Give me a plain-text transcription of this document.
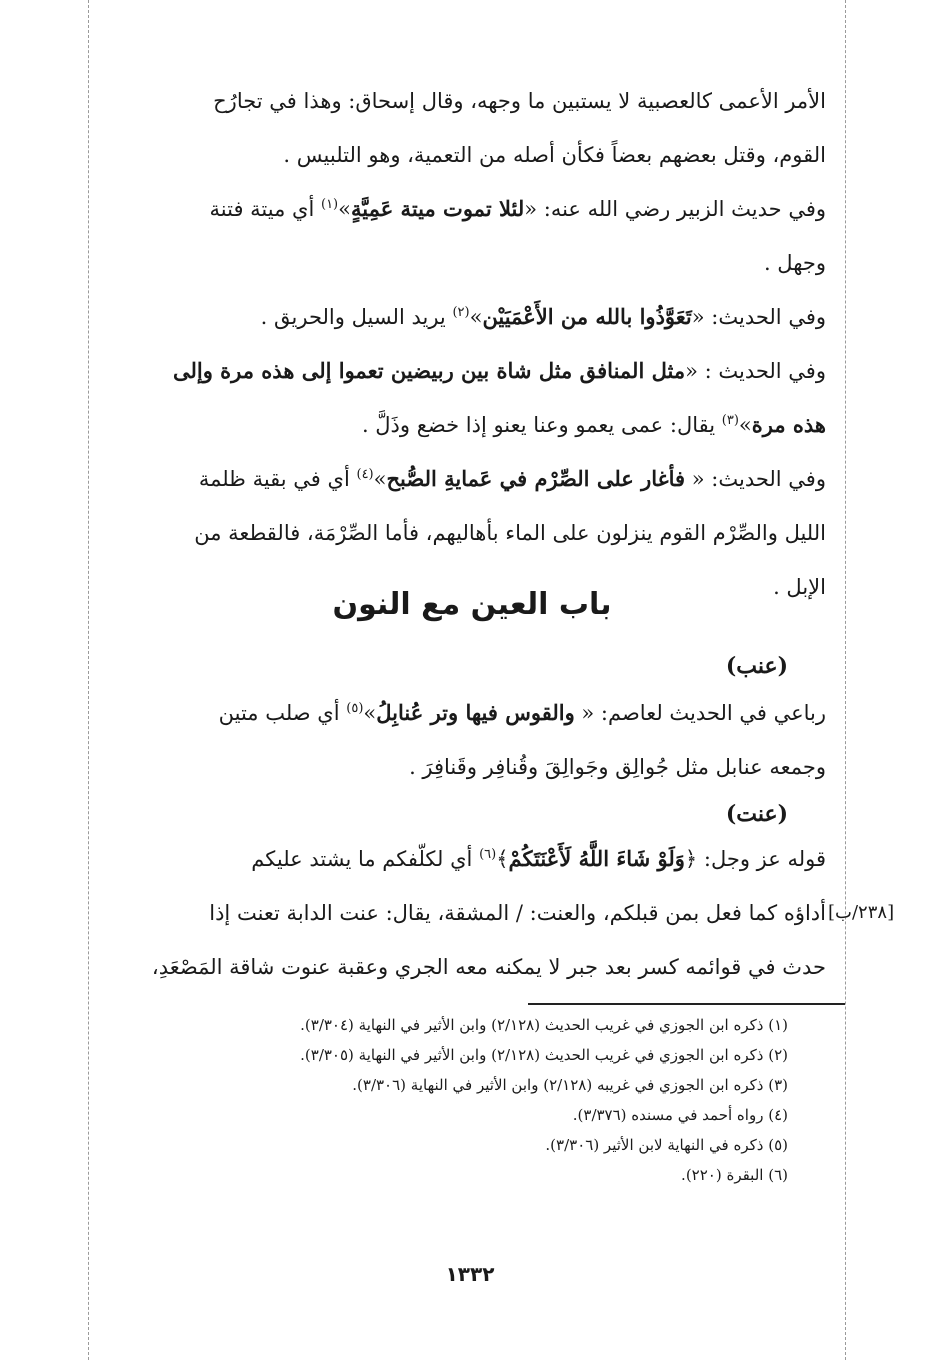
الأمر الأعمى كالعصبية لا يستبين ما وجهه، وقال إسحاق: وهذا في تجارُح
القوم، وقتل بعضهم بعضاً فكأن أصله من التعمية، وهو التلبيس .

وفي حديث الزبير رضي الله عنه: «لئلا تموت ميتة عَمِيَّةٍ»$^{(١)}$ أي ميتة فتنة
وجهل .

وفي الحديث: «تَعَوَّذُوا بالله من الأَعْمَيَيْن»$^{(٢)}$ يريد السيل والحريق .

وفي الحديث : «مثل المنافق مثل شاة بين ربيضين تعموا إلى هذه مرة وإلى
هذه مرة»$^{(٣)}$ يقال: عمى يعمو وعنا يعنو إذا خضع وذَلَّ .

وفي الحديث: « فأغار على الصِّرْم في عَمايةِ الصُّبح»$^{(٤)}$ أي في بقية ظلمة
الليل والصِّرْم القوم ينزلون على الماء بأهاليهم، فأما الصِّرْمَة، فالقطعة من
الإبل .

باب العين مع النون
(عنب)

رباعي في الحديث لعاصم: « والقوس فيها وتر عُنابِلُ»$^{(٥)}$ أي صلب متين
وجمعه عنابل مثل جُوالِق وجَوالِقَ وقُنافِر وقَنافِرَ .

(عنت)

قوله عز وجل: ﴿وَلَوْ شَاءَ اللَّهُ لَأَعْنَتَكُمْ﴾$^{(٦)}$ أي لكلّفكم ما يشتد عليكم
أداؤه كما فعل بمن قبلكم، والعنت: / المشقة، يقال: عنت الدابة تعنت إذا
حدث في قوائمه كسر بعد جبر لا يمكنه معه الجري وعقبة عنوت شاقة المَصْعَدِ،

[٢٣٨/ب]
(١) ذكره ابن الجوزي في غريب الحديث (٢/١٢٨) وابن الأثير في النهاية (٣/٣٠٤).
(٢) ذكره ابن الجوزي في غريب الحديث (٢/١٢٨) وابن الأثير في النهاية (٣/٣٠٥).
(٣) ذكره ابن الجوزي في غريبه (٢/١٢٨) وابن الأثير في النهاية (٣/٣٠٦).
(٤) رواه أحمد في مسنده (٣/٣٧٦).
(٥) ذكره في النهاية لابن الأثير (٣/٣٠٦).
(٦) البقرة (٢٢٠).
١٣٣٢
